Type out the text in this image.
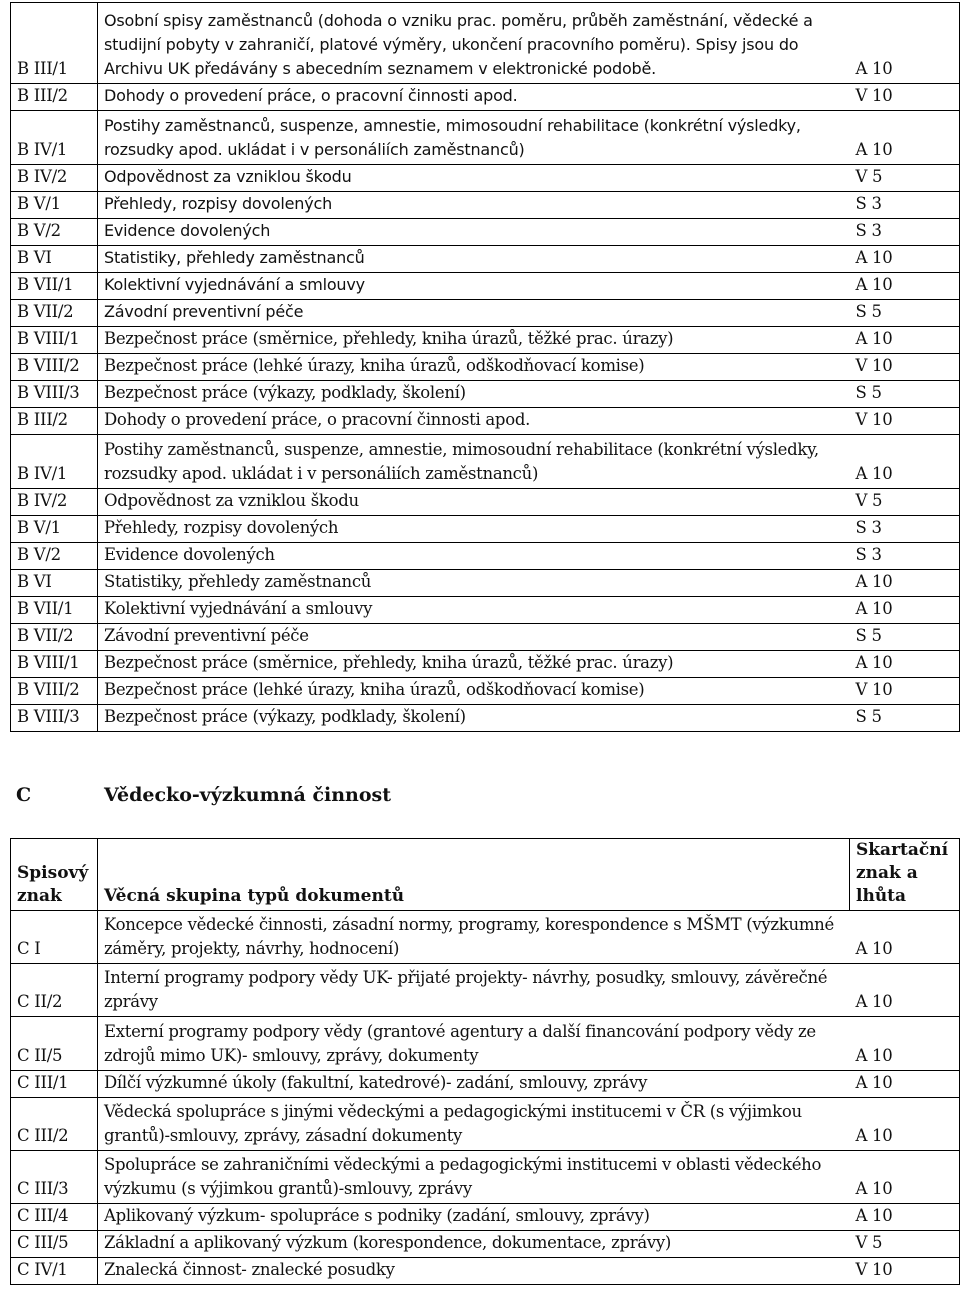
B III/1	Osobní spisy zaměstnanců (dohoda o vzniku prac. poměru, průběh zaměstnání, vědecké a studijní pobyty v zahraničí, platové výměry, ukončení pracovního poměru). Spisy jsou do Archivu UK předávány s abecedním seznamem v elektronické podobě.	A 10
B III/2	Dohody o provedení práce, o pracovní činnosti apod.	V 10
B IV/1	Postihy zaměstnanců, suspenze, amnestie, mimosoudní rehabilitace (konkrétní výsledky, rozsudky apod. ukládat i v personáliích zaměstnanců)	A 10
B IV/2	Odpovědnost za vzniklou škodu	V 5
B V/1	Přehledy, rozpisy dovolených	S 3
B V/2	Evidence dovolených	S 3
B VI	Statistiky, přehledy zaměstnanců	A 10
B VII/1	Kolektivní vyjednávání a smlouvy	A 10
B VII/2	Závodní preventivní péče	S 5
B VIII/1	Bezpečnost práce (směrnice, přehledy, kniha úrazů, těžké prac. úrazy)	A 10
B VIII/2	Bezpečnost práce (lehké úrazy, kniha úrazů, odškodňovací komise)	V 10
B VIII/3	Bezpečnost práce (výkazy, podklady, školení)	S 5
B III/2	Dohody o provedení práce, o pracovní činnosti apod.	V 10
B IV/1	Postihy zaměstnanců, suspenze, amnestie, mimosoudní rehabilitace (konkrétní výsledky, rozsudky apod. ukládat i v personáliích zaměstnanců)	A 10
B IV/2	Odpovědnost za vzniklou škodu	V 5
B V/1	Přehledy, rozpisy dovolených	S 3
B V/2	Evidence dovolených	S 3
B VI	Statistiky, přehledy zaměstnanců	A 10
B VII/1	Kolektivní vyjednávání a smlouvy	A 10
B VII/2	Závodní preventivní péče	S 5
B VIII/1	Bezpečnost práce (směrnice, přehledy, kniha úrazů, těžké prac. úrazy)	A 10
B VIII/2	Bezpečnost práce (lehké úrazy, kniha úrazů, odškodňovací komise)	V 10
B VIII/3	Bezpečnost práce (výkazy, podklady, školení)	S 5
C	Vědecko-výzkumná činnost
Spisový znak	Věcná skupina typů dokumentů	Skartační znak a lhůta
C I	Koncepce vědecké činnosti, zásadní normy, programy, korespondence s MŠMT (výzkumné záměry, projekty, návrhy, hodnocení)	A 10
C II/2	Interní programy podpory vědy UK- přijaté projekty- návrhy, posudky, smlouvy, závěrečné zprávy	A 10
C II/5	Externí programy podpory vědy (grantové agentury a další financování podpory vědy ze zdrojů mimo UK)- smlouvy, zprávy, dokumenty	A 10
C III/1	Dílčí výzkumné úkoly (fakultní, katedrové)- zadání, smlouvy, zprávy	A 10
C III/2	Vědecká spolupráce s jinými vědeckými a pedagogickými institucemi v ČR (s výjimkou grantů)-smlouvy, zprávy, zásadní dokumenty	A 10
C III/3	Spolupráce se zahraničními vědeckými a pedagogickými institucemi v oblasti vědeckého výzkumu (s výjimkou grantů)-smlouvy, zprávy	A 10
C III/4	Aplikovaný výzkum- spolupráce s podniky (zadání, smlouvy, zprávy)	A 10
C III/5	Základní a aplikovaný výzkum (korespondence, dokumentace, zprávy)	V 5
C IV/1	Znalecká činnost- znalecké posudky	V 10
